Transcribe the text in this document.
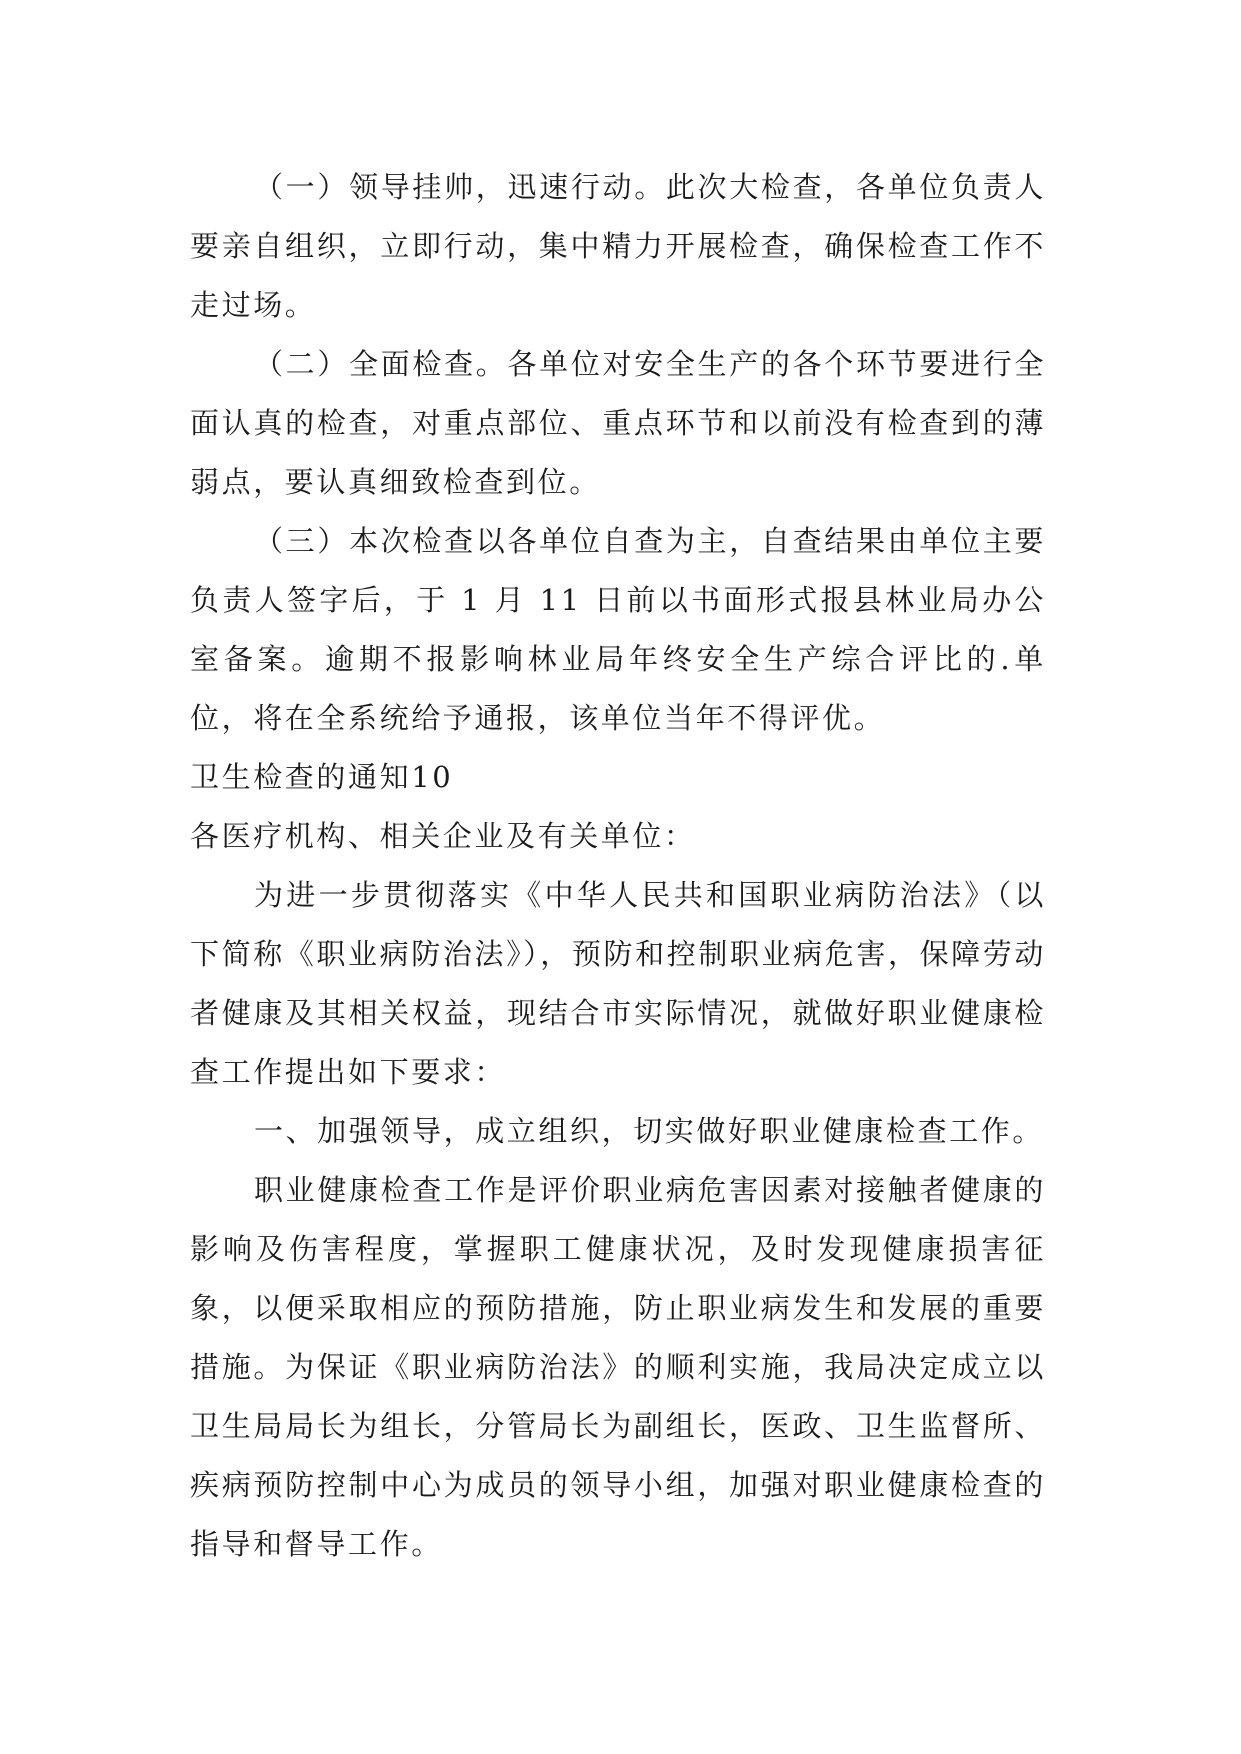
（一）领导挂帅，迅速行动。此次大检查，各单位负责人要亲自组织，立即行动，集中精力开展检查，确保检查工作不走过场。

（二）全面检查。各单位对安全生产的各个环节要进行全面认真的检查，对重点部位、重点环节和以前没有检查到的薄弱点，要认真细致检查到位。

（三）本次检查以各单位自查为主，自查结果由单位主要负责人签字后，于 1 月 11 日前以书面形式报县林业局办公室备案。逾期不报影响林业局年终安全生产综合评比的.单位，将在全系统给予通报，该单位当年不得评优。

卫生检查的通知10

各医疗机构、相关企业及有关单位：

为进一步贯彻落实《中华人民共和国职业病防治法》（以下简称《职业病防治法》），预防和控制职业病危害，保障劳动者健康及其相关权益，现结合市实际情况，就做好职业健康检查工作提出如下要求：

一、加强领导，成立组织，切实做好职业健康检查工作。

职业健康检查工作是评价职业病危害因素对接触者健康的影响及伤害程度，掌握职工健康状况，及时发现健康损害征象，以便采取相应的预防措施，防止职业病发生和发展的重要措施。为保证《职业病防治法》的顺利实施，我局决定成立以卫生局局长为组长，分管局长为副组长，医政、卫生监督所、疾病预防控制中心为成员的领导小组，加强对职业健康检查的指导和督导工作。
